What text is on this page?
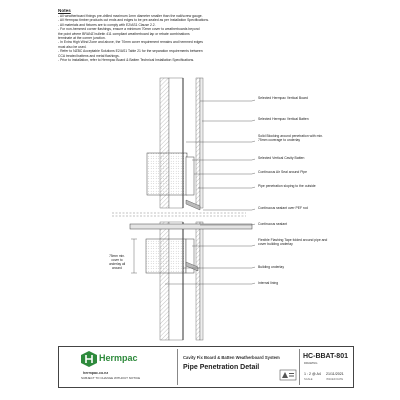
Notes
- All weatherboard fixings pre-drilled maximum 1mm diameter smaller than the nail/screw gauge.
- All Hermpac timber products cut ends and edges to be pre-sealed as per Installation Specifications.
- All materials and fixtures are to comply with E2/AS1 Clause 2.2.
- For non-hemmed corner flashings, ensure a minimum 70mm cover to weatherboards beyond
the point where BRANZ bulletin 411 compliant weatherboard lap or rebate combinations
terminate at the corner junction.
- In Extra High Wind Zone and above, the 70mm cover requirement remains and hemmed edges
must also be used.
- Refer to NZBC Acceptable Solutions E2/AS1 Table 21 for the separation requirements between
CCA treated battens and metal flashings.
- Prior to installation, refer to Hermpac Board & Batten Technical Installation Specifications.
Selected Hermpac Vertical Board
Selected Hermpac Vertical Batten
Solid Blocking around penetration with min. 75mm coverage to underlay
Selected Vertical Cavity Batten
Continuous Air Seal around Pipe
Pipe penetration sloping to the outside
Continuous sealant over PEF rod
Continuous sealant
Flexible Flashing Tape folded around pipe and cover building underlay
Building underlay
Internal lining
75mm min. cover to underlay all around
Hermpac
hermpac.co.nz
SUBJECT TO CHANGE WITHOUT NOTICE
Cavity Fix Board & Batten Weatherboard System
Pipe Penetration Detail
HC-BBAT-801
DRAWING
1 : 2 @ A4
SCALE
21/11/2021
ISSUED DATE
